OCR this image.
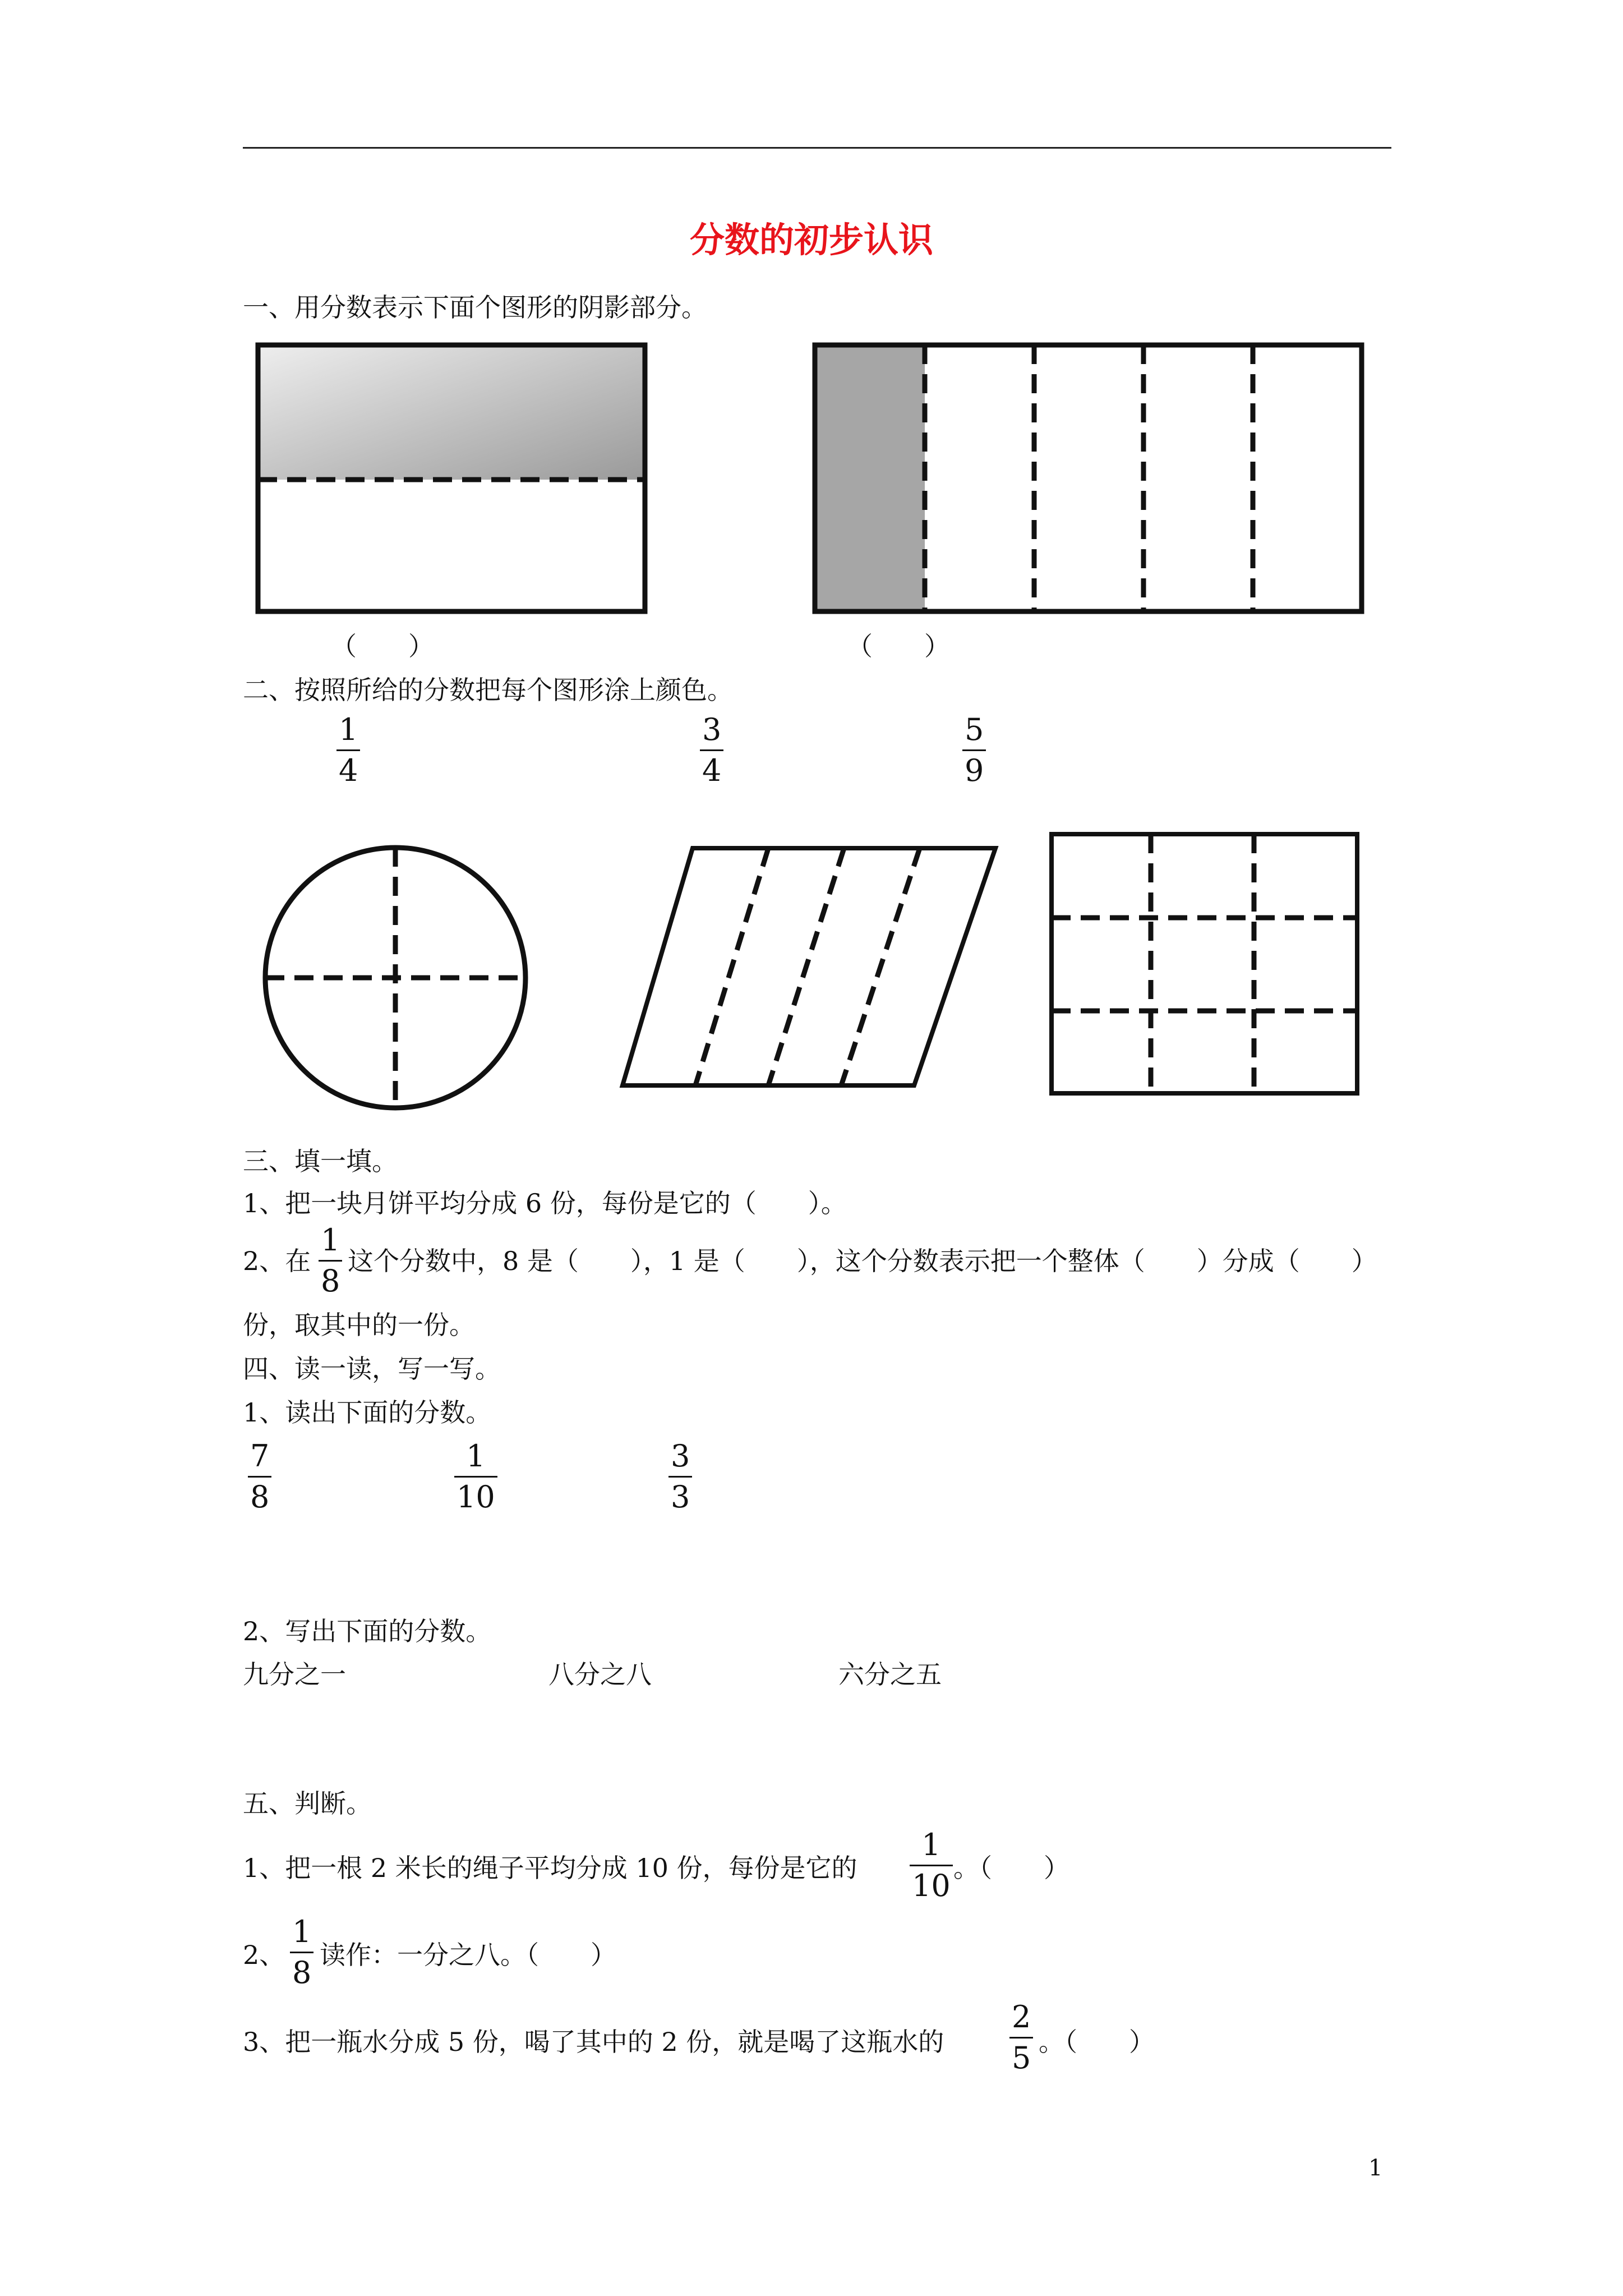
分数的初步认识
一、用分数表示下面个图形的阴影部分。
（　　）	（　　）
二、按照所给的分数把每个图形涂上颜色。
1
4
3
4
5
9
三、填一填。
1、把一块月饼平均分成 6 份，每份是它的（　　）。
2、在
1
8
这个分数中，8 是（　　），1 是（　　），这个分数表示把一个整体（　　）分成（　　）
份，取其中的一份。
四、读一读，写一写。
1、读出下面的分数。
7
8
1
10
3
3
2、写出下面的分数。
九分之一	八分之八	六分之五
五、判断。
1、把一根 2 米长的绳子平均分成 10 份，每份是它的
1
10 。（　　）
2、
1
8 读作：一分之八。（　　）
3、把一瓶水分成 5 份，喝了其中的 2 份，就是喝了这瓶水的
2
5 。（　　）
1
